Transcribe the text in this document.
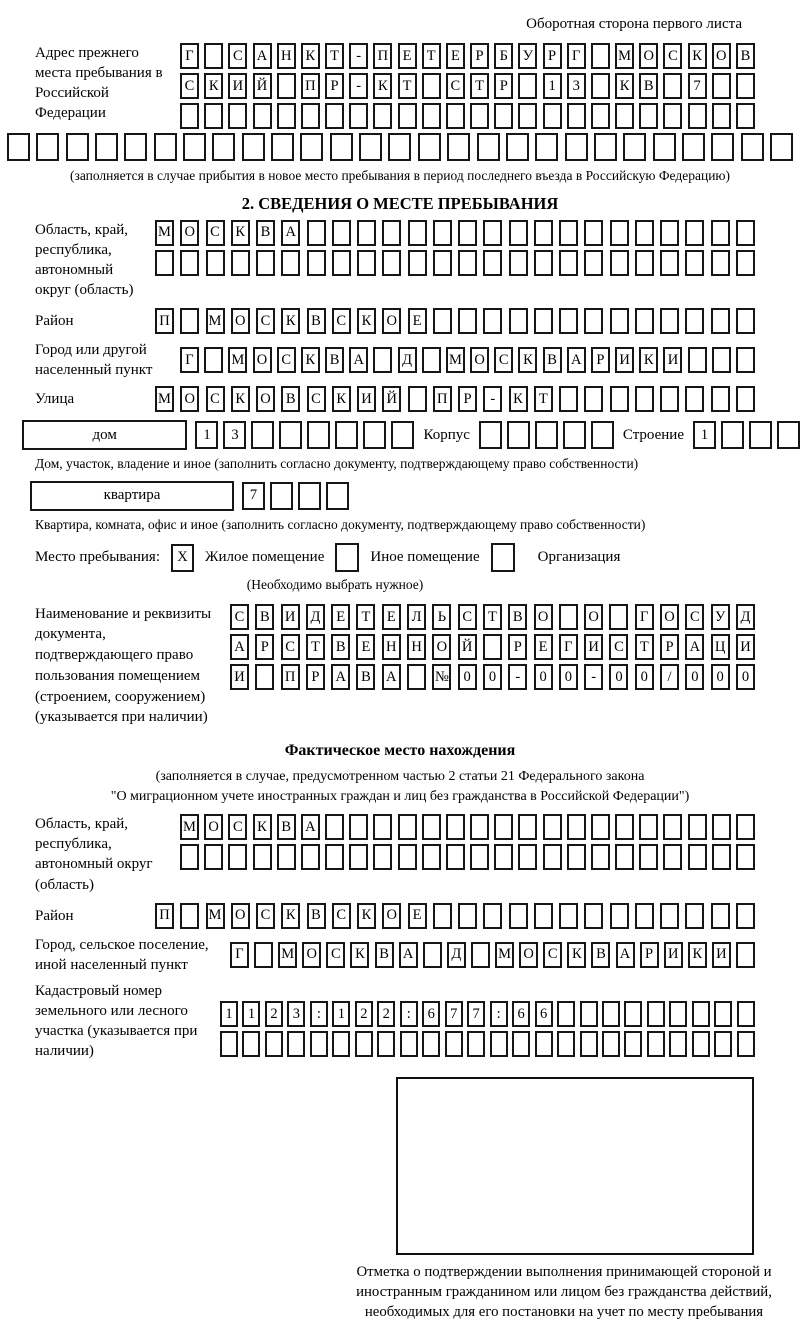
Оборотная сторона первого листа
Адрес прежнего места пребывания в Российской Федерации
Г	С А Н К	Т	-	П	Е	Т	Е	Р	Б	У	Р	Г	М О С	К О В
С	К И Й	П	Р	-	К	Т	С	Т	Р	1	3	К	В	7
(заполняется в случае прибытия в новое место пребывания в период последнего въезда в Российскую Федерацию)
2. СВЕДЕНИЯ О МЕСТЕ ПРЕБЫВАНИЯ
Область, край, республика, автономный округ (область)
М О	С	К	В	А
Район	П	М О	С	К	В	С	К	О	Е
Город или другой населенный пункт
Г	М О С	К	В А	Д	М О С	К	В А	Р	И К И
Улица	М О	С	К	О	В	С	К	И Й	П	Р	-	К	Т
дом	1	3	Корпус	Строение	1
Дом, участок, владение и иное (заполнить согласно документу, подтверждающему право собственности)
квартира	7
Квартира, комната, офис и иное (заполнить согласно документу, подтверждающему право собственности)
Место пребывания:	X	Жилое помещение	Иное помещение	Организация
(Необходимо выбрать нужное)
Наименование и реквизиты документа, подтверждающего право пользования помещением (строением, сооружением) (указывается при наличии)
С	В	И	Д	Е	Т	Е	Л	Ь	С	Т	В	О	О	Г	О	С	У	Д
А	Р	С	Т	В	Е	Н Н О Й	Р	Е	Г	И	С	Т	Р	А Ц И
И	П	Р	А	В	А	№	0	0	-	0	0	-	0	0	/	0	0	0
Фактическое место нахождения
(заполняется в случае, предусмотренном частью 2 статьи 21 Федерального закона
"О миграционном учете иностранных граждан и лиц без гражданства в Российской Федерации")
Область, край, республика, автономный округ (область)
М О С	К	В А
Район	П	М О	С	К	В	С	К	О	Е
Город, сельское поселение, иной населенный пункт
Г	М О С К В А	Д	М О С К В А	Р	И К И
Кадастровый номер земельного или лесного участка (указывается при наличии)
1	1	2	3	:	1	2	2	:	6	7	7	:	6	6
Отметка о подтверждении выполнения принимающей стороной и иностранным гражданином или лицом без гражданства действий, необходимых для его постановки на учет по месту пребывания
